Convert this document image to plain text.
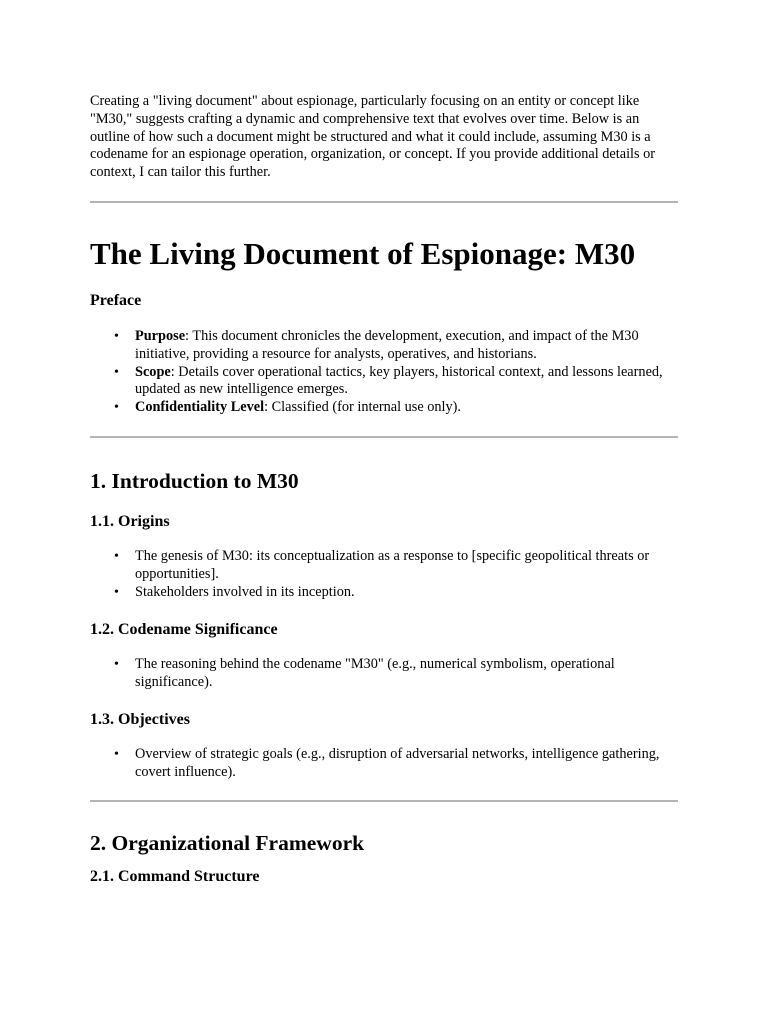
Creating a "living document" about espionage, particularly focusing on an entity or concept like "M30," suggests crafting a dynamic and comprehensive text that evolves over time. Below is an outline of how such a document might be structured and what it could include, assuming M30 is a codename for an espionage operation, organization, or concept. If you provide additional details or context, I can tailor this further.

The Living Document of Espionage: M30
Preface
• Purpose: This document chronicles the development, execution, and impact of the M30 initiative, providing a resource for analysts, operatives, and historians.
• Scope: Details cover operational tactics, key players, historical context, and lessons learned, updated as new intelligence emerges.
• Confidentiality Level: Classified (for internal use only).
1. Introduction to M30
1.1. Origins
• The genesis of M30: its conceptualization as a response to [specific geopolitical threats or opportunities].
• Stakeholders involved in its inception.
1.2. Codename Significance
• The reasoning behind the codename "M30" (e.g., numerical symbolism, operational significance).
1.3. Objectives
• Overview of strategic goals (e.g., disruption of adversarial networks, intelligence gathering, covert influence).
2. Organizational Framework
2.1. Command Structure
